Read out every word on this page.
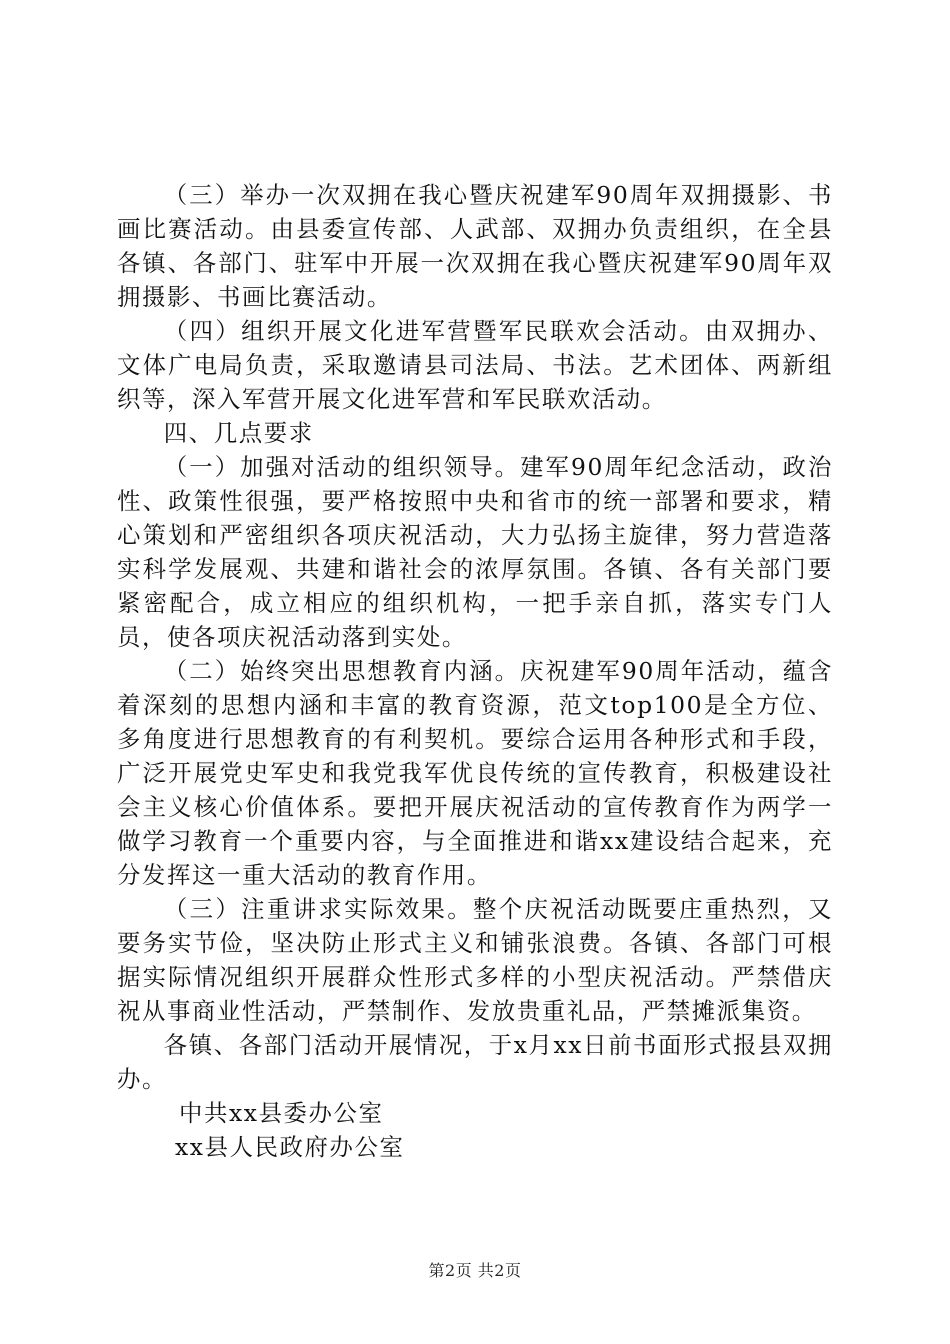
（三）举办一次双拥在我心暨庆祝建军90周年双拥摄影、书画比赛活动。由县委宣传部、人武部、双拥办负责组织，在全县各镇、各部门、驻军中开展一次双拥在我心暨庆祝建军90周年双拥摄影、书画比赛活动。

（四）组织开展文化进军营暨军民联欢会活动。由双拥办、文体广电局负责，采取邀请县司法局、书法。艺术团体、两新组织等，深入军营开展文化进军营和军民联欢活动。

四、几点要求

（一）加强对活动的组织领导。建军90周年纪念活动，政治性、政策性很强，要严格按照中央和省市的统一部署和要求，精心策划和严密组织各项庆祝活动，大力弘扬主旋律，努力营造落实科学发展观、共建和谐社会的浓厚氛围。各镇、各有关部门要紧密配合，成立相应的组织机构，一把手亲自抓，落实专门人员，使各项庆祝活动落到实处。

（二）始终突出思想教育内涵。庆祝建军90周年活动，蕴含着深刻的思想内涵和丰富的教育资源，范文top100是全方位、多角度进行思想教育的有利契机。要综合运用各种形式和手段，广泛开展党史军史和我党我军优良传统的宣传教育，积极建设社会主义核心价值体系。要把开展庆祝活动的宣传教育作为两学一做学习教育一个重要内容，与全面推进和谐xx建设结合起来，充分发挥这一重大活动的教育作用。

（三）注重讲求实际效果。整个庆祝活动既要庄重热烈，又要务实节俭，坚决防止形式主义和铺张浪费。各镇、各部门可根据实际情况组织开展群众性形式多样的小型庆祝活动。严禁借庆祝从事商业性活动，严禁制作、发放贵重礼品，严禁摊派集资。

各镇、各部门活动开展情况，于x月xx日前书面形式报县双拥办。

中共xx县委办公室

xx县人民政府办公室

第2页 共2页
